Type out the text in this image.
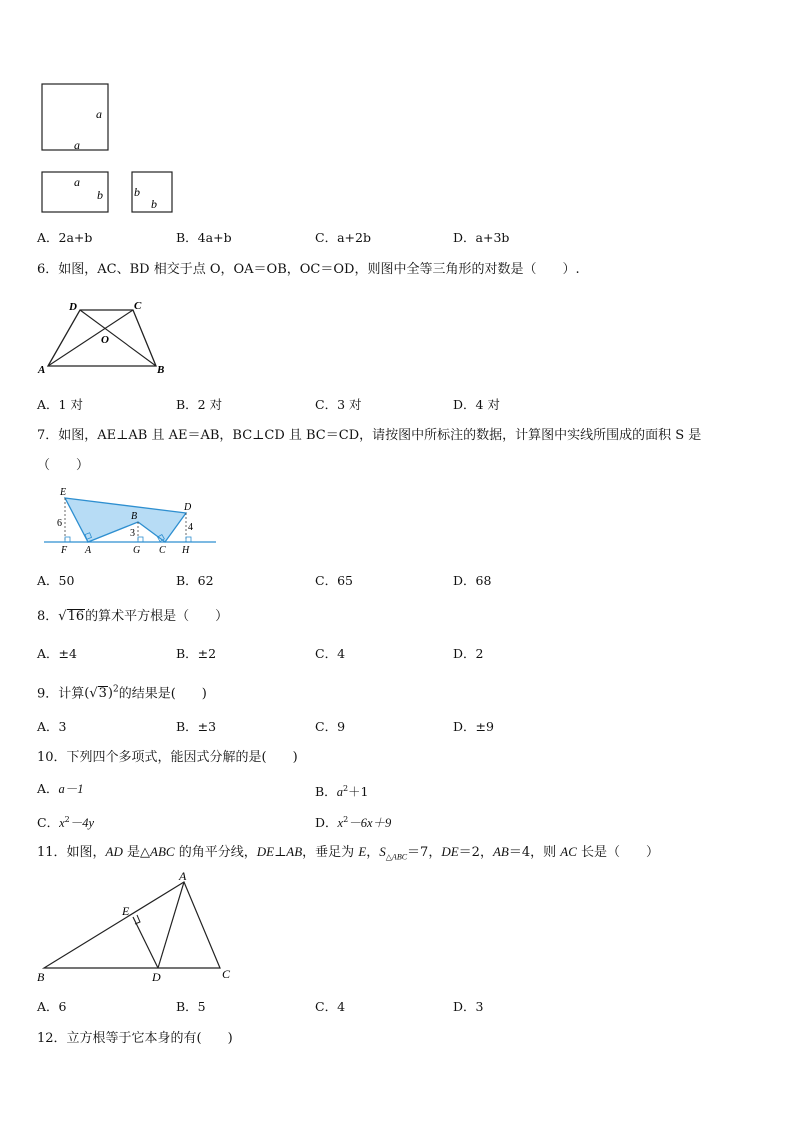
a
a
a
b	b
b
A．2a+b	B．4a+b	C．a+2b	D．a+3b
6．如图，AC、BD 相交于点 O，OA＝OB，OC＝OD，则图中全等三角形的对数是（　　）.
D	C
O
A	B
A．1 对	B．2 对	C．3 对	D．4 对
7．如图，AE⊥AB 且 AE＝AB，BC⊥CD 且 BC＝CD，请按图中所标注的数据，计算图中实线所围成的面积 S 是
（　　）
E
D
B
6
3
4
F A	G C H
A．50	B．62	C．65	D．68
8．√16的算术平方根是（　　）
A．±4	B．±2	C．4	D．2
9．计算$(√3)^2$的结果是(　　)
A．3	B．±3	C．9	D．±9
10．下列四个多项式，能因式分解的是(　　)
A．a－1	B．$a^2+1$
C．$x^2-4y$	D．$x^2-6x+9$
11．如图，AD 是△ABC 的角平分线，DE⊥AB，垂足为 E，$S_{\triangle ABC}=7$，DE＝2，AB＝4，则 AC 长是（　　）
A
E
B	D	C
A．6	B．5	C．4	D．3
12．立方根等于它本身的有(　　)
